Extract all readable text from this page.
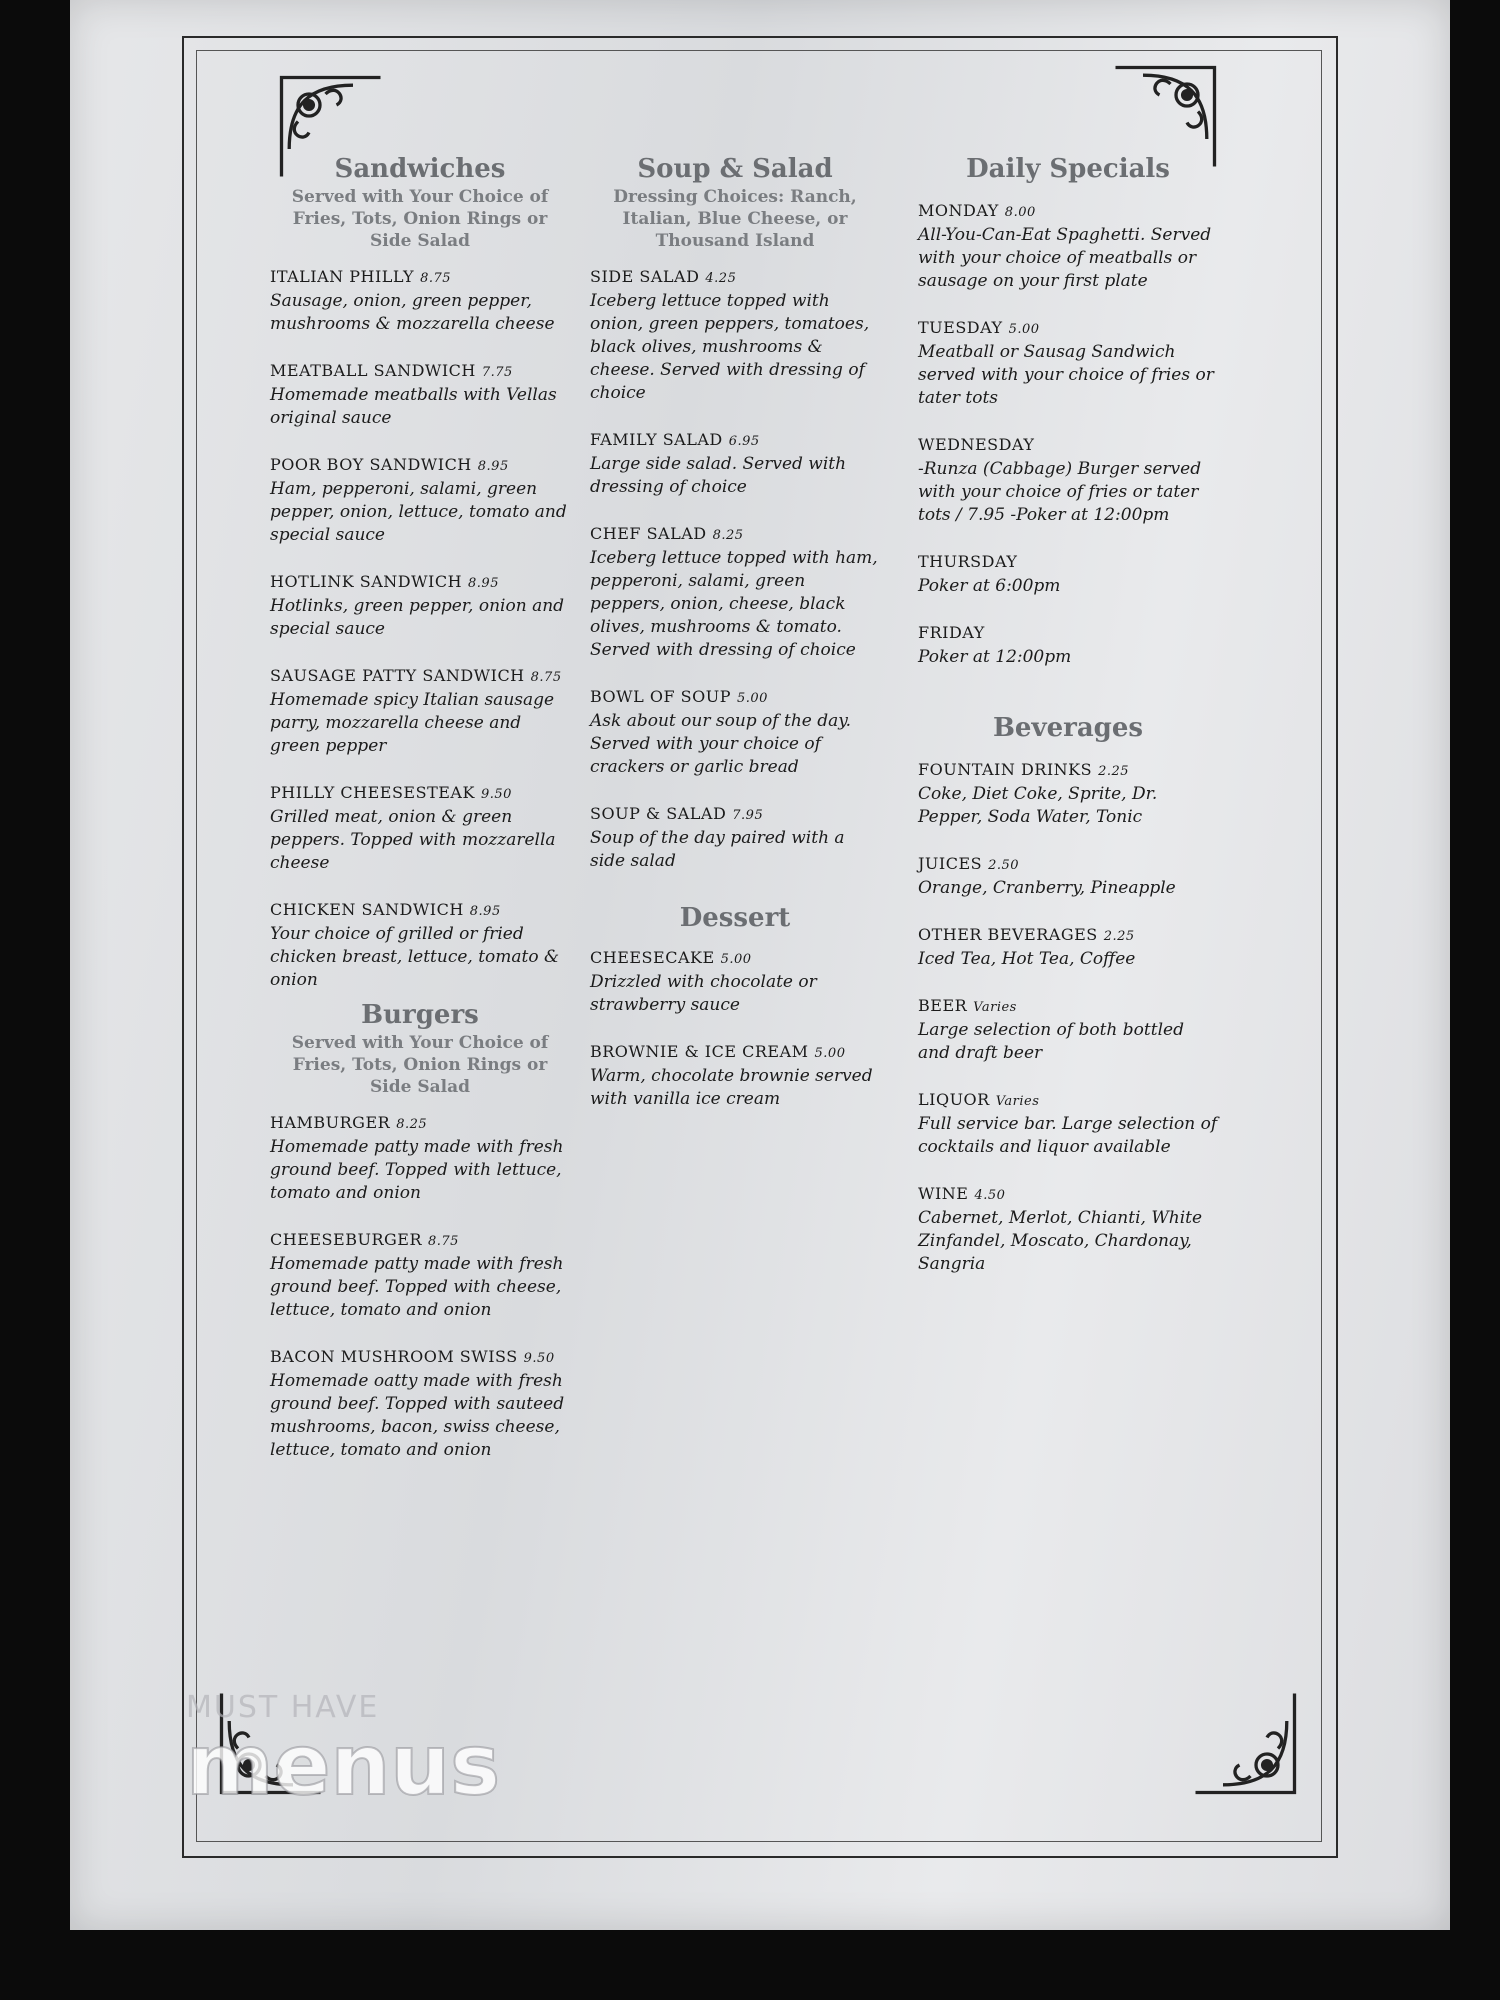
Sandwiches
Served with Your Choice of Fries, Tots, Onion Rings or Side Salad
ITALIAN PHILLY 8.75
Sausage, onion, green pepper, mushrooms & mozzarella cheese
MEATBALL SANDWICH 7.75
Homemade meatballs with Vellas original sauce
POOR BOY SANDWICH 8.95
Ham, pepperoni, salami, green pepper, onion, lettuce, tomato and special sauce
HOTLINK SANDWICH 8.95
Hotlinks, green pepper, onion and special sauce
SAUSAGE PATTY SANDWICH 8.75
Homemade spicy Italian sausage parry, mozzarella cheese and green pepper
PHILLY CHEESESTEAK 9.50
Grilled meat, onion & green peppers. Topped with mozzarella cheese
CHICKEN SANDWICH 8.95
Your choice of grilled or fried chicken breast, lettuce, tomato & onion
Burgers
Served with Your Choice of Fries, Tots, Onion Rings or Side Salad
HAMBURGER 8.25
Homemade patty made with fresh ground beef. Topped with lettuce, tomato and onion
CHEESEBURGER 8.75
Homemade patty made with fresh ground beef. Topped with cheese, lettuce, tomato and onion
BACON MUSHROOM SWISS 9.50
Homemade oatty made with fresh ground beef. Topped with sauteed mushrooms, bacon, swiss cheese, lettuce, tomato and onion
Soup & Salad
Dressing Choices: Ranch, Italian, Blue Cheese, or Thousand Island
SIDE SALAD 4.25
Iceberg lettuce topped with onion, green peppers, tomatoes, black olives, mushrooms & cheese. Served with dressing of choice
FAMILY SALAD 6.95
Large side salad. Served with dressing of choice
CHEF SALAD 8.25
Iceberg lettuce topped with ham, pepperoni, salami, green peppers, onion, cheese, black olives, mushrooms & tomato. Served with dressing of choice
BOWL OF SOUP 5.00
Ask about our soup of the day. Served with your choice of crackers or garlic bread
SOUP & SALAD 7.95
Soup of the day paired with a side salad
Dessert
CHEESECAKE 5.00
Drizzled with chocolate or strawberry sauce
BROWNIE & ICE CREAM 5.00
Warm, chocolate brownie served with vanilla ice cream
Daily Specials
MONDAY 8.00
All-You-Can-Eat Spaghetti. Served with your choice of meatballs or sausage on your first plate
TUESDAY 5.00
Meatball or Sausag Sandwich served with your choice of fries or tater tots
WEDNESDAY
-Runza (Cabbage) Burger served with your choice of fries or tater tots / 7.95 -Poker at 12:00pm
THURSDAY
Poker at 6:00pm
FRIDAY
Poker at 12:00pm
Beverages
FOUNTAIN DRINKS 2.25
Coke, Diet Coke, Sprite, Dr. Pepper, Soda Water, Tonic
JUICES 2.50
Orange, Cranberry, Pineapple
OTHER BEVERAGES 2.25
Iced Tea, Hot Tea, Coffee
BEER Varies
Large selection of both bottled and draft beer
LIQUOR Varies
Full service bar. Large selection of cocktails and liquor available
WINE 4.50
Cabernet, Merlot, Chianti, White Zinfandel, Moscato, Chardonay, Sangria
MUST HAVE
menus
